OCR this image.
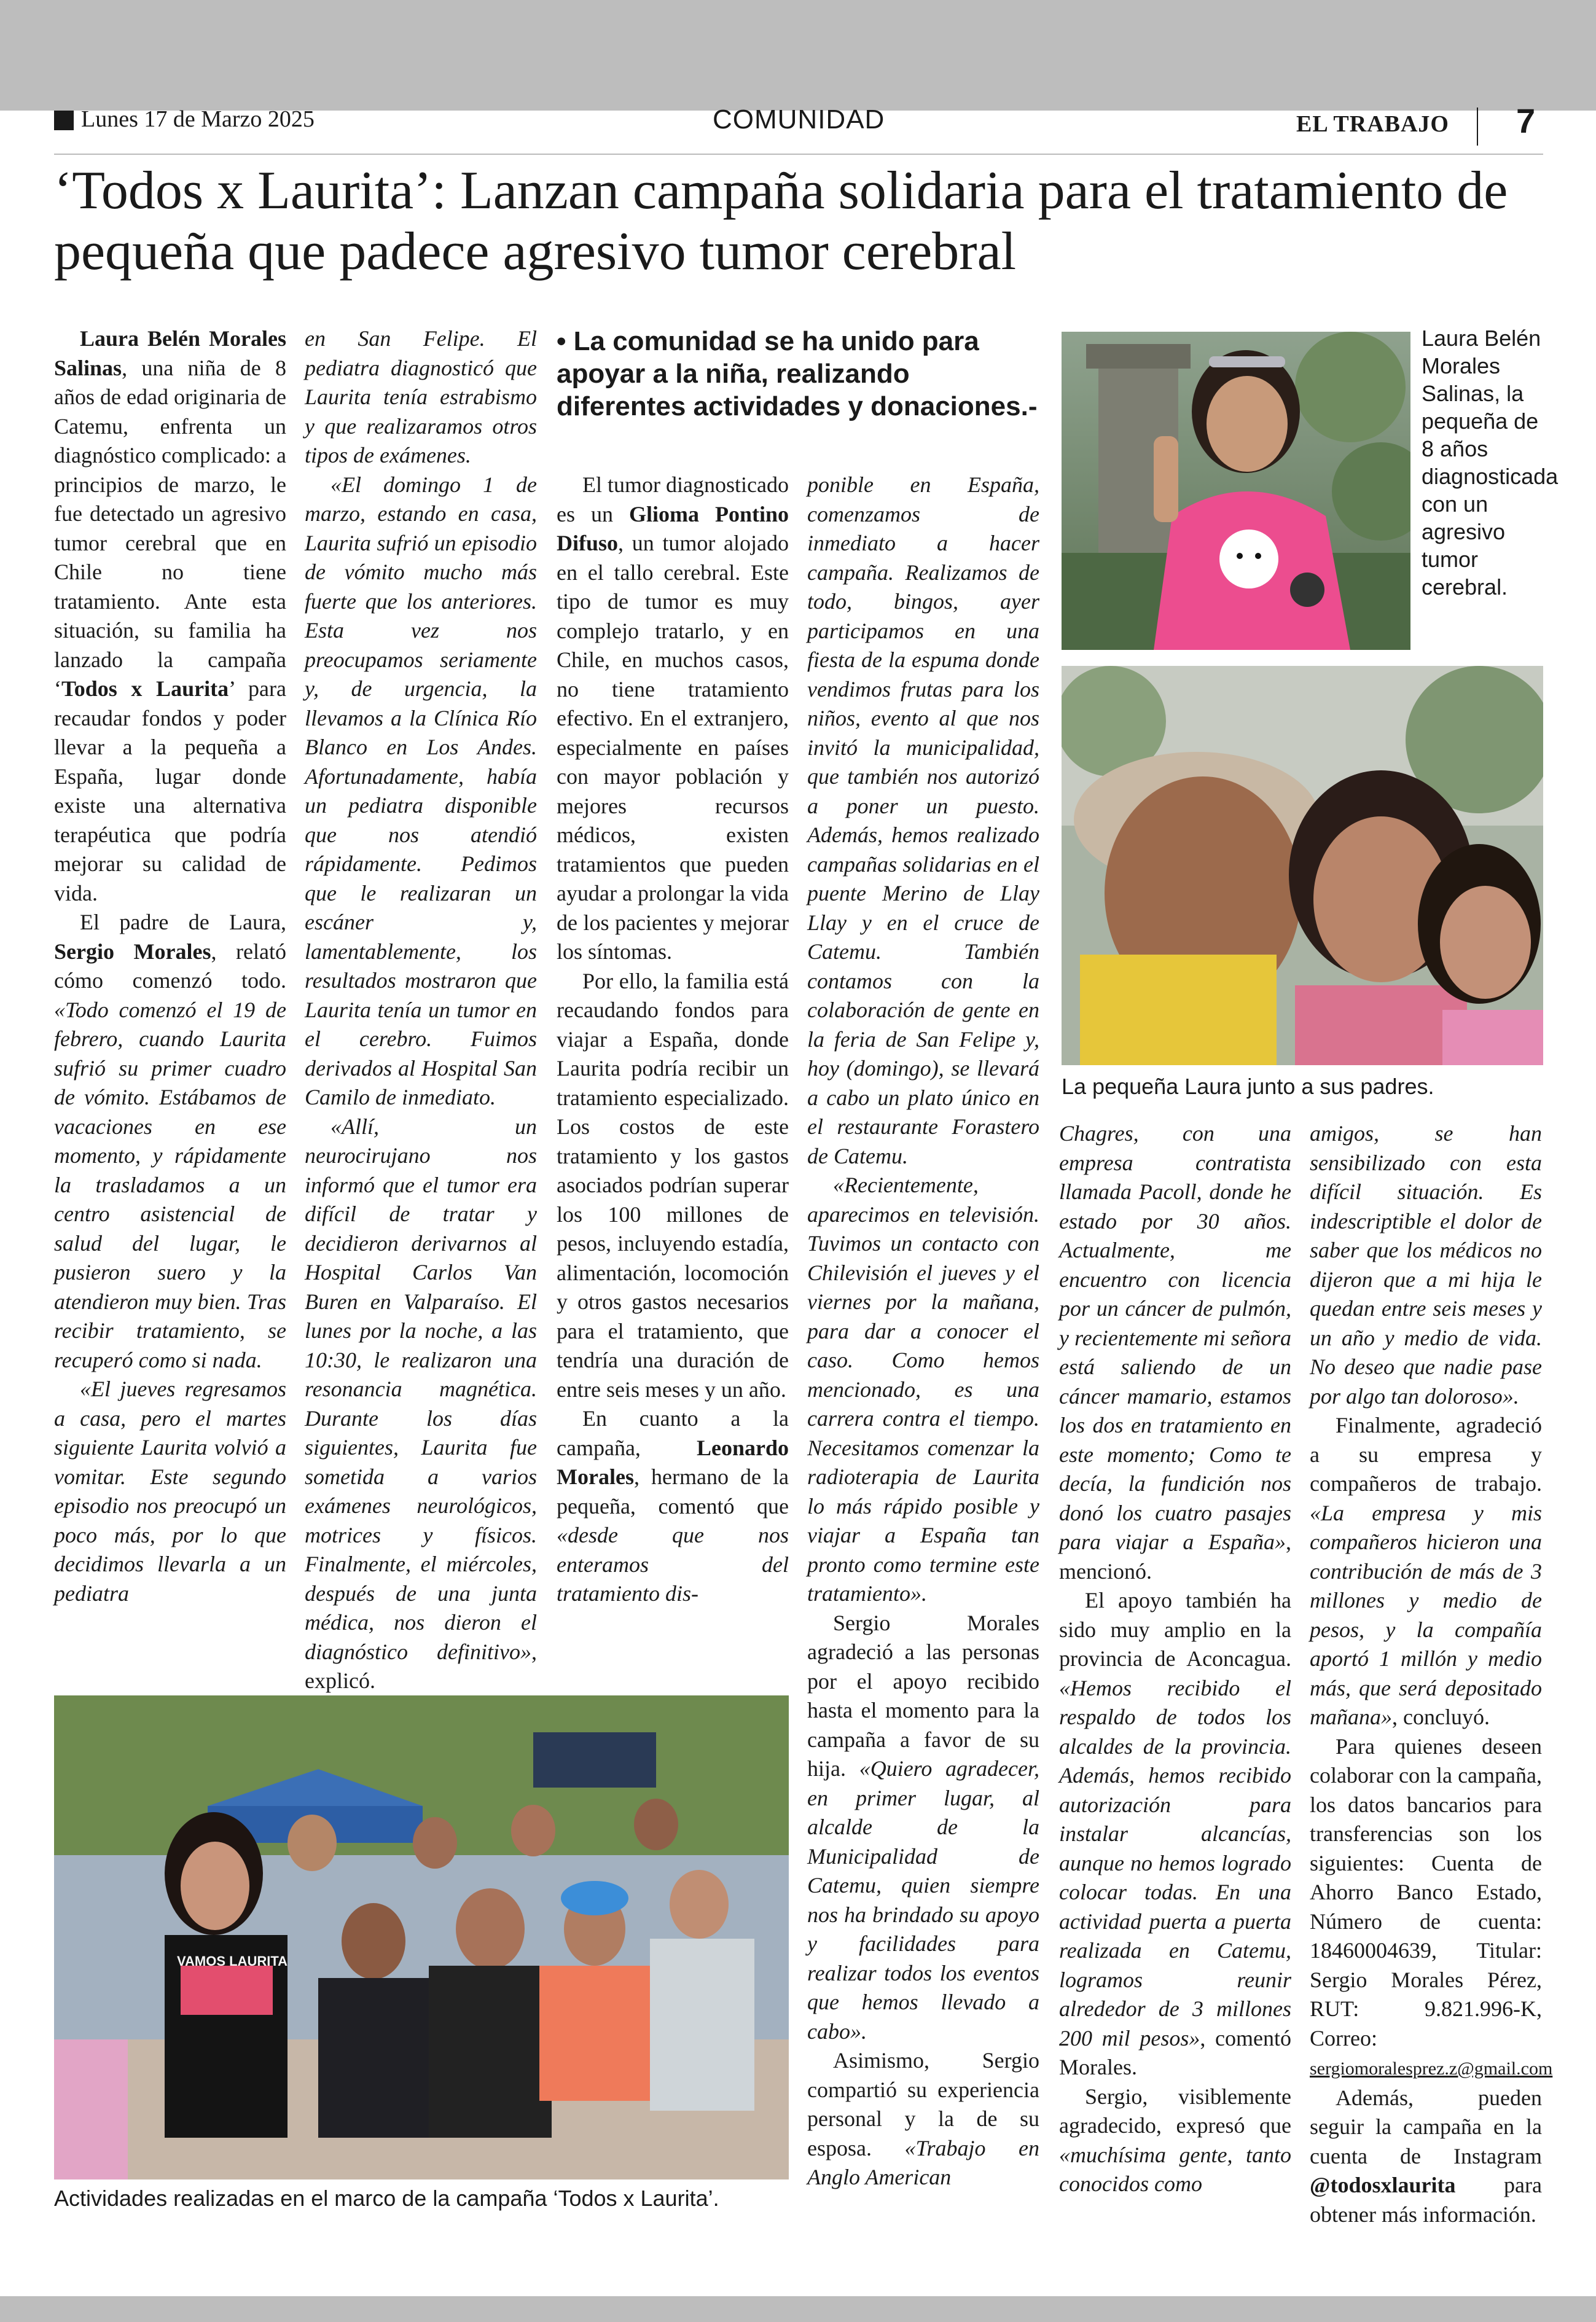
Lunes 17 de Marzo 2025	COMUNIDAD	EL TRABAJO 7
‘Todos x Laurita’: Lanzan campaña solidaria para el tratamiento de pequeña que padece agresivo tumor cerebral

Laura Belén Morales Salinas, una niña de 8 años de edad originaria de Catemu, enfrenta un diagnóstico complicado: a principios de marzo, le fue detectado un agresivo tumor cerebral que en Chile no tiene tratamiento. Ante esta situación, su familia ha lanzado la campaña ‘Todos x Laurita’ para recaudar fondos y poder llevar a la pequeña a España, lugar donde existe una alternativa terapéutica que podría mejorar su calidad de vida.

El padre de Laura, Sergio Morales, relató cómo comenzó todo. «Todo comenzó el 19 de febrero, cuando Laurita sufrió su primer cuadro de vómito. Estábamos de vacaciones en ese momento, y rápidamente la trasladamos a un centro asistencial de salud del lugar, le pusieron suero y la atendieron muy bien. Tras recibir tratamiento, se recuperó como si nada.

«El jueves regresamos a casa, pero el martes siguiente Laurita volvió a vomitar. Este segundo episodio nos preocupó un poco más, por lo que decidimos llevarla a un pediatra

en San Felipe. El pediatra diagnosticó que Laurita tenía estrabismo y que realizaramos otros tipos de exámenes.

«El domingo 1 de marzo, estando en casa, Laurita sufrió un episodio de vómito mucho más fuerte que los anteriores. Esta vez nos preocupamos seriamente y, de urgencia, la llevamos a la Clínica Río Blanco en Los Andes. Afortunadamente, había un pediatra disponible que nos atendió rápidamente. Pedimos que le realizaran un escáner y, lamentablemente, los resultados mostraron que Laurita tenía un tumor en el cerebro. Fuimos derivados al Hospital San Camilo de inmediato.

«Allí, un neurocirujano nos informó que el tumor era difícil de tratar y decidieron derivarnos al Hospital Carlos Van Buren en Valparaíso. El lunes por la noche, a las 10:30, le realizaron una resonancia magnética. Durante los días siguientes, Laurita fue sometida a varios exámenes neurológicos, motrices y físicos. Finalmente, el miércoles, después de una junta médica, nos dieron el diagnóstico definitivo», explicó.

• La comunidad se ha unido para apoyar a la niña, realizando diferentes actividades y donaciones.-

El tumor diagnosticado es un Glioma Pontino Difuso, un tumor alojado en el tallo cerebral. Este tipo de tumor es muy complejo tratarlo, y en Chile, en muchos casos, no tiene tratamiento efectivo. En el extranjero, especialmente en países con mayor población y mejores recursos médicos, existen tratamientos que pueden ayudar a prolongar la vida de los pacientes y mejorar los síntomas.

Por ello, la familia está recaudando fondos para viajar a España, donde Laurita podría recibir un tratamiento especializado. Los costos de este tratamiento y los gastos asociados podrían superar los 100 millones de pesos, incluyendo estadía, alimentación, locomoción y otros gastos necesarios para el tratamiento, que tendría una duración de entre seis meses y un año.

En cuanto a la campaña, Leonardo Morales, hermano de la pequeña, comentó que «desde que nos enteramos del tratamiento dis-

ponible en España, comenzamos de inmediato a hacer campaña. Realizamos de todo, bingos, ayer participamos en una fiesta de la espuma donde vendimos frutas para los niños, evento al que nos invitó la municipalidad, que también nos autorizó a poner un puesto. Además, hemos realizado campañas solidarias en el puente Merino de Llay Llay y en el cruce de Catemu. También contamos con la colaboración de gente en la feria de San Felipe y, hoy (domingo), se llevará a cabo un plato único en el restaurante Forastero de Catemu.

«Recientemente, aparecimos en televisión. Tuvimos un contacto con Chilevisión el jueves y el viernes por la mañana, para dar a conocer el caso. Como hemos mencionado, es una carrera contra el tiempo. Necesitamos comenzar la radioterapia de Laurita lo más rápido posible y viajar a España tan pronto como termine este tratamiento».

Sergio Morales agradeció a las personas por el apoyo recibido hasta el momento para la campaña a favor de su hija. «Quiero agradecer, en primer lugar, al alcalde de la Municipalidad de Catemu, quien siempre nos ha brindado su apoyo y facilidades para realizar todos los eventos que hemos llevado a cabo».

Asimismo, Sergio compartió su experiencia personal y la de su esposa. «Trabajo en Anglo American

Chagres, con una empresa contratista llamada Pacoll, donde he estado por 30 años. Actualmente, me encuentro con licencia por un cáncer de pulmón, y recientemente mi señora está saliendo de un cáncer mamario, estamos los dos en tratamiento en este momento; Como te decía, la fundición nos donó los cuatro pasajes para viajar a España», mencionó.

El apoyo también ha sido muy amplio en la provincia de Aconcagua. «Hemos recibido el respaldo de todos los alcaldes de la provincia. Además, hemos recibido autorización para instalar alcancías, aunque no hemos logrado colocar todas. En una actividad puerta a puerta realizada en Catemu, logramos reunir alrededor de 3 millones 200 mil pesos», comentó Morales.

Sergio, visiblemente agradecido, expresó que «muchísima gente, tanto conocidos como

amigos, se han sensibilizado con esta difícil situación. Es indescriptible el dolor de saber que los médicos no dijeron que a mi hija le quedan entre seis meses y un año y medio de vida. No deseo que nadie pase por algo tan doloroso».

Finalmente, agradeció a su empresa y compañeros de trabajo. «La empresa y mis compañeros hicieron una contribución de más de 3 millones y medio de pesos, y la compañía aportó 1 millón y medio más, que será depositado mañana», concluyó.

Para quienes deseen colaborar con la campaña, los datos bancarios para transferencias son los siguientes: Cuenta de Ahorro Banco Estado, Número de cuenta: 18460004639, Titular: Sergio Morales Pérez, RUT: 9.821.996-K, Correo: sergiomoralesprez.z@gmail.com

Además, pueden seguir la campaña en la cuenta de Instagram @todosxlaurita para obtener más información.

Laura Belén Morales Salinas, la pequeña de 8 años diagnosticada con un agresivo tumor cerebral.
La pequeña Laura junto a sus padres.
VAMOS LAURITA
Actividades realizadas en el marco de la campaña ‘Todos x Laurita’.
